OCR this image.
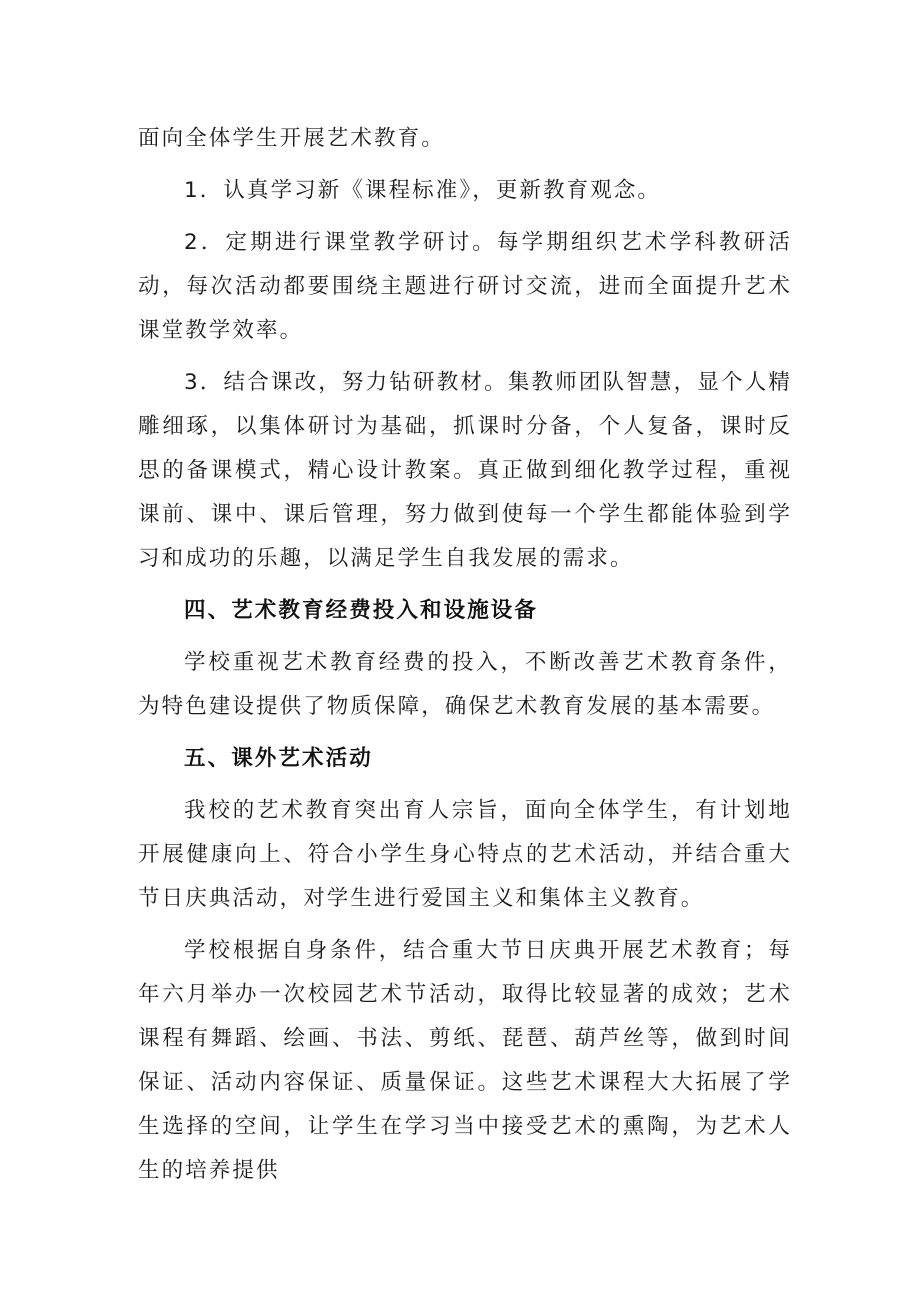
面向全体学生开展艺术教育。

1．认真学习新《课程标准》，更新教育观念。

2．定期进行课堂教学研讨。每学期组织艺术学科教研活动，每次活动都要围绕主题进行研讨交流，进而全面提升艺术课堂教学效率。

3．结合课改，努力钻研教材。集教师团队智慧，显个人精雕细琢，以集体研讨为基础，抓课时分备，个人复备，课时反思的备课模式，精心设计教案。真正做到细化教学过程，重视课前、课中、课后管理，努力做到使每一个学生都能体验到学习和成功的乐趣，以满足学生自我发展的需求。

四、艺术教育经费投入和设施设备

学校重视艺术教育经费的投入，不断改善艺术教育条件，为特色建设提供了物质保障，确保艺术教育发展的基本需要。

五、课外艺术活动

我校的艺术教育突出育人宗旨，面向全体学生，有计划地开展健康向上、符合小学生身心特点的艺术活动，并结合重大节日庆典活动，对学生进行爱国主义和集体主义教育。

学校根据自身条件，结合重大节日庆典开展艺术教育；每年六月举办一次校园艺术节活动，取得比较显著的成效；艺术课程有舞蹈、绘画、书法、剪纸、琵琶、葫芦丝等，做到时间保证、活动内容保证、质量保证。这些艺术课程大大拓展了学生选择的空间，让学生在学习当中接受艺术的熏陶，为艺术人生的培养提供
